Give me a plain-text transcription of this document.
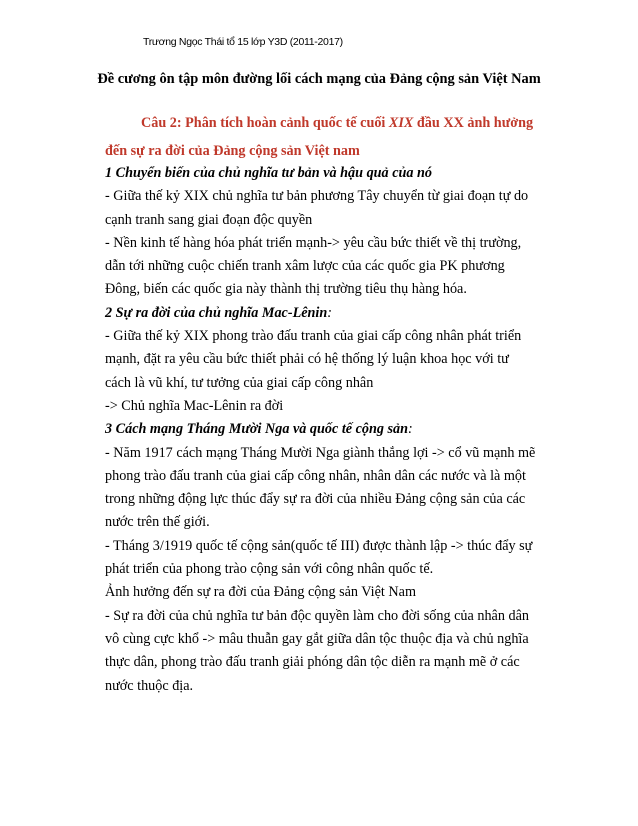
Trương Ngọc Thái tổ 15 lớp Y3D (2011-2017)
Đề cương ôn tập môn đường lối cách mạng của Đảng cộng sản Việt Nam
Câu 2: Phân tích hoàn cảnh quốc tế cuối XIX đầu XX ảnh hưởng đến sự ra đời của Đảng cộng sản Việt nam

1 Chuyển biến của chủ nghĩa tư bản và hậu quả của nó

- Giữa thế kỷ XIX chủ nghĩa tư bản phương Tây chuyển từ giai đoạn tự do cạnh tranh sang giai đoạn độc quyền

- Nền kinh tế hàng hóa phát triển mạnh-> yêu cầu bức thiết về thị trường, dẫn tới những cuộc chiến tranh xâm lược của các quốc gia PK phương Đông, biến các quốc gia này thành thị trường tiêu thụ hàng hóa.

2 Sự ra đời của chủ nghĩa Mac-Lênin:

- Giữa thế kỷ XIX phong trào đấu tranh của giai cấp công nhân phát triển mạnh, đặt ra yêu cầu bức thiết phải có hệ thống lý luận khoa học với tư cách là vũ khí, tư tưởng của giai cấp công nhân

-> Chủ nghĩa Mac-Lênin ra đời

3 Cách mạng Tháng Mười Nga và quốc tế cộng sản:

- Năm 1917 cách mạng Tháng Mười Nga giành thắng lợi -> cổ vũ mạnh mẽ phong trào đấu tranh của giai cấp công nhân, nhân dân các nước và là một trong những động lực thúc đẩy sự ra đời của nhiều Đảng cộng sản của các nước trên thế giới.

- Tháng 3/1919 quốc tế cộng sản(quốc tế III) được thành lập -> thúc đẩy sự phát triển của phong trào cộng sản với công nhân quốc tế.

Ảnh hưởng đến sự ra đời của Đảng cộng sản Việt Nam

- Sự ra đời của chủ nghĩa tư bản độc quyền làm cho đời sống của nhân dân vô cùng cực khổ -> mâu thuẫn gay gắt giữa dân tộc thuộc địa và chủ nghĩa thực dân, phong trào đấu tranh giải phóng dân tộc diễn ra mạnh mẽ ở các nước thuộc địa.
